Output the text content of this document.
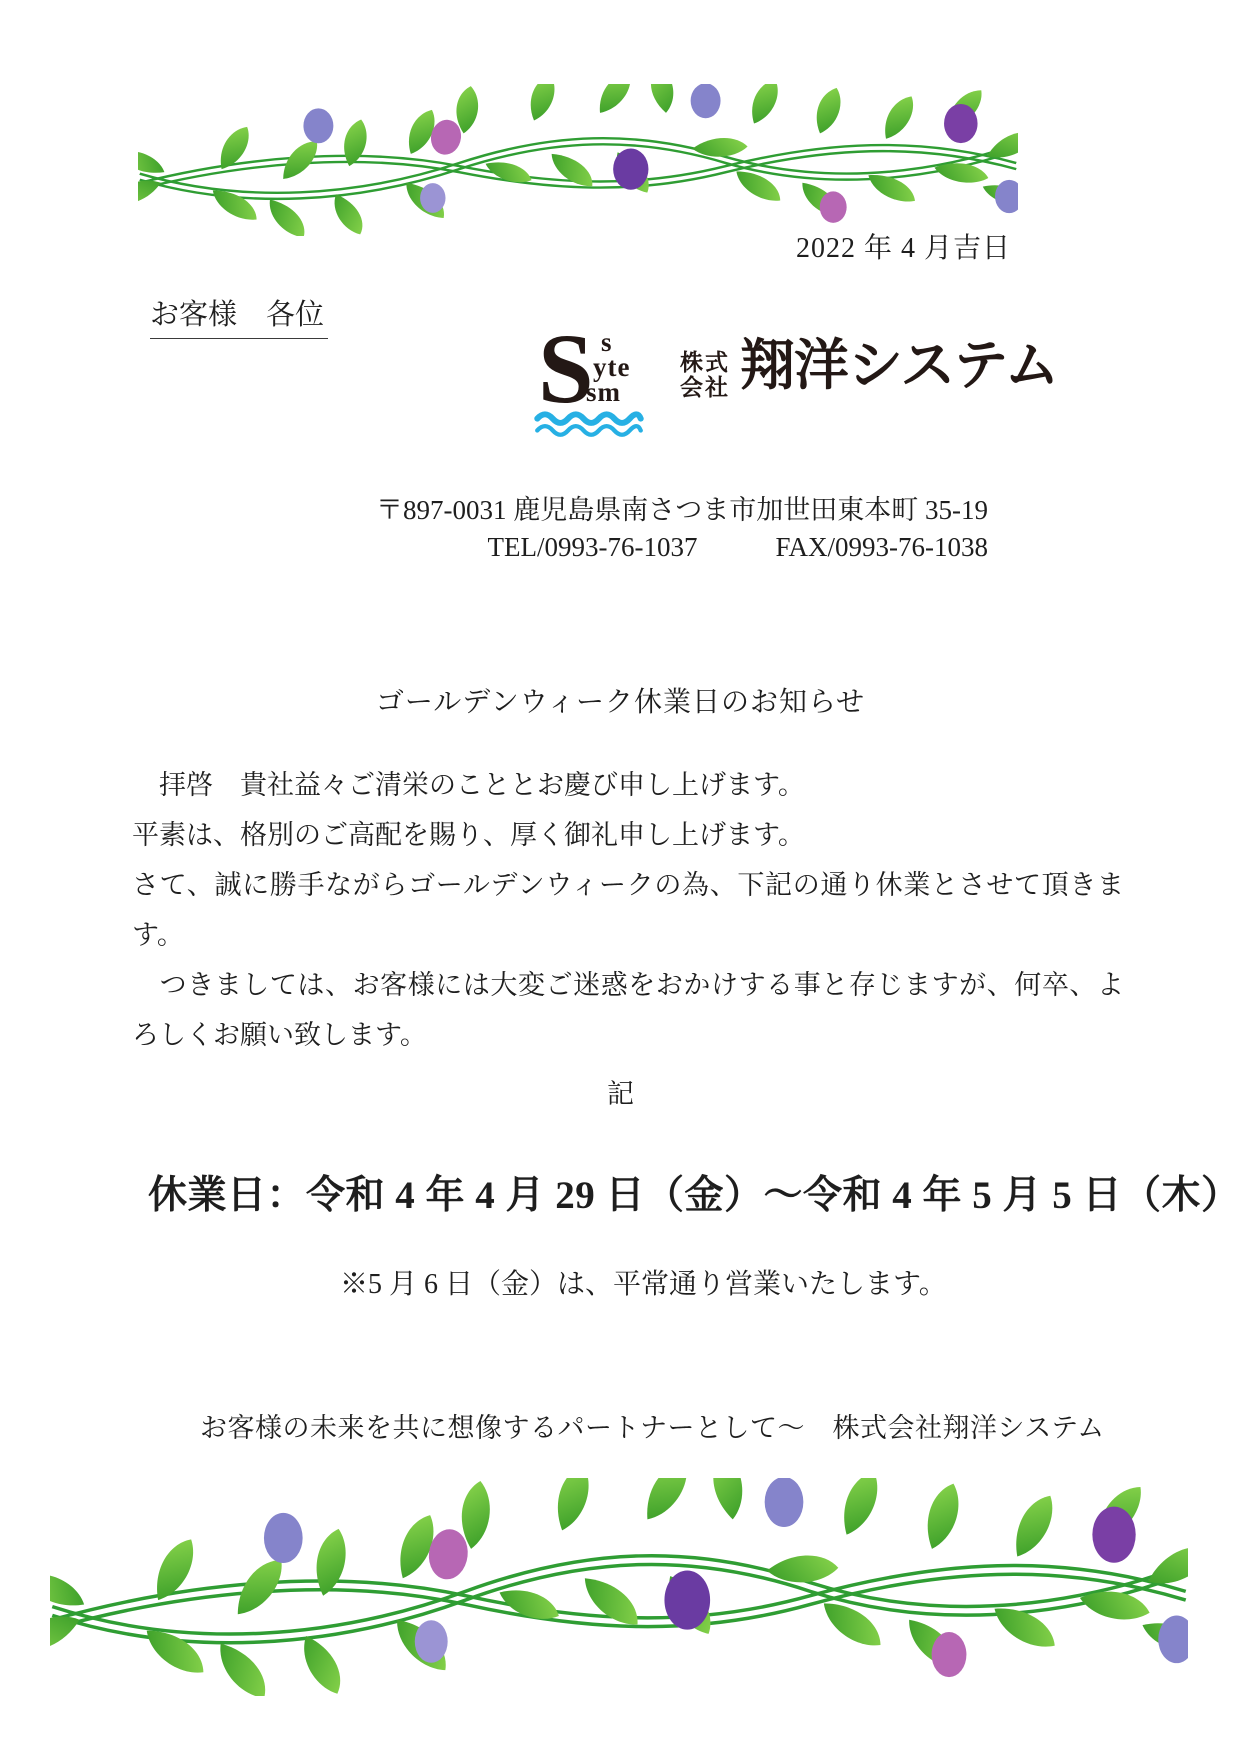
2022 年 4 月吉日
お客様　各位 S s
yte
sm
株式
会社 翔洋システム
〒897-0031 鹿児島県南さつま市加世田東本町 35-19
TEL/0993-76-1037	FAX/0993-76-1038
ゴールデンウィーク休業日のお知らせ

　拝啓　貴社益々ご清栄のこととお慶び申し上げます。

平素は、格別のご高配を賜り、厚く御礼申し上げます。

さて、誠に勝手ながらゴールデンウィークの為、下記の通り休業とさせて頂きます。

　つきましては、お客様には大変ご迷惑をおかけする事と存じますが、何卒、よろしくお願い致します。

記
休業日：令和 4 年 4 月 29 日（金）～令和 4 年 5 月 5 日（木）
※5 月 6 日（金）は、平常通り営業いたします。
お客様の未来を共に想像するパートナーとして～　株式会社翔洋システム
